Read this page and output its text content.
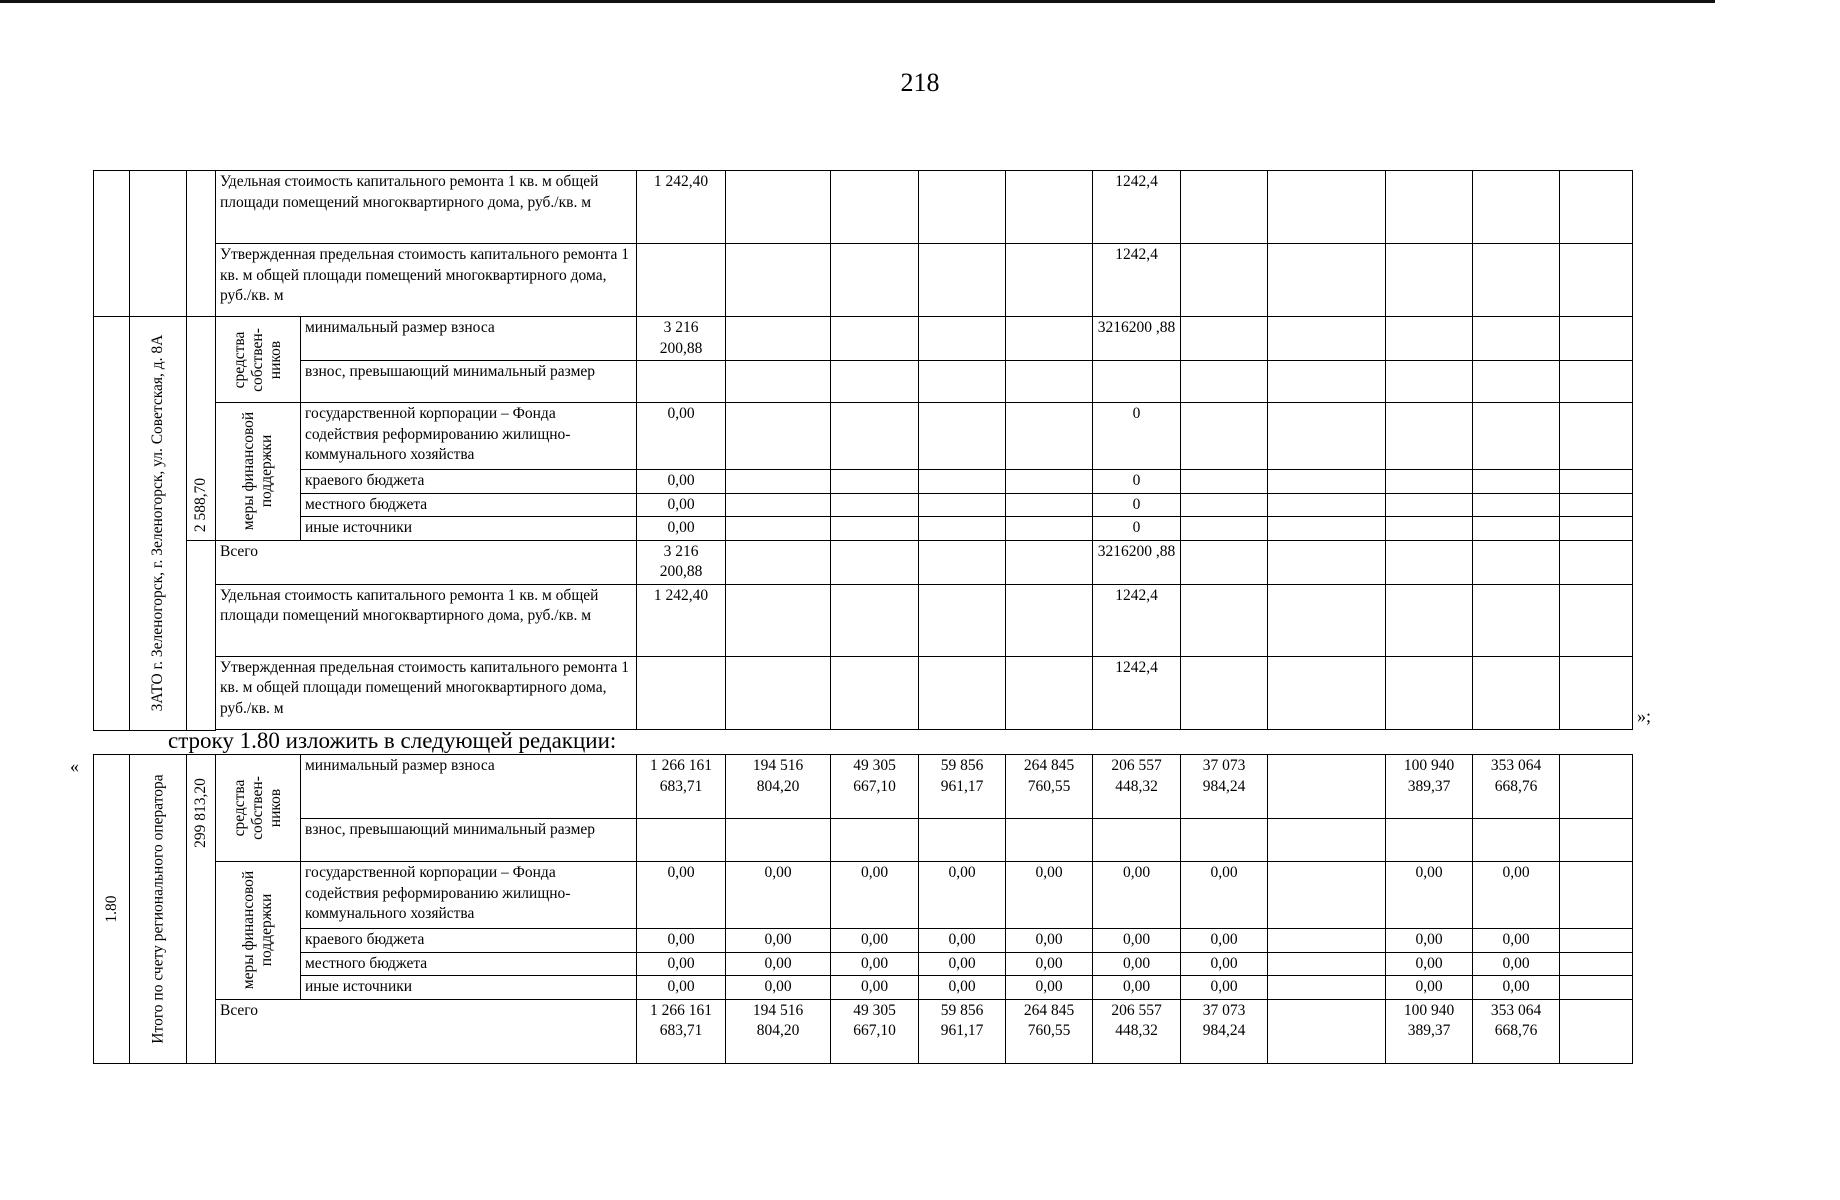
218
			Удельная стоимость капитального ремонта 1 кв. м общей площади помещений многоквартирного дома, руб./кв. м		1 242,40					1242,4					
			Утвержденная предельная стоимость капитального ремонта 1 кв. м общей площади помещений многоквартирного дома, руб./кв. м							1242,4					

	ЗАТО г. Зеленогорск, г. Зеленогорск, ул. Советская, д. 8А		средства собствен-ников	минимальный размер взноса	3 216 200,88					3216200 ,88					
				взнос, превышающий минимальный размер											

			меры финансовой поддержки	государственной корпорации – Фонда содействия реформированию жилищно-коммунального хозяйства	0,00					0					
				краевого бюджета	0,00					0					
				местного бюджета	0,00					0					
				иные источники	0,00					0					

		2 588,70	Всего		3 216 200,88					3216200 ,88					
			Удельная стоимость капитального ремонта 1 кв. м общей площади помещений многоквартирного дома, руб./кв. м		1 242,40					1242,4					
			Утвержденная предельная стоимость капитального ремонта 1 кв. м общей площади помещений многоквартирного дома, руб./кв. м							1242,4					

строку 1.80 изложить в следующей редакции:
»;
«
1.80	Итого по счету регионального оператора	299 813,20	средства собствен-ников	минимальный размер взноса	1 266 161 683,71	194 516 804,20	49 305 667,10	59 856 961,17	264 845 760,55	206 557 448,32	37 073 984,24		100 940 389,37	353 064 668,76	
				взнос, превышающий минимальный размер											

			меры финансовой поддержки	государственной корпорации – Фонда содействия реформированию жилищно-коммунального хозяйства	0,00	0,00	0,00	0,00	0,00	0,00	0,00		0,00	0,00	
				краевого бюджета	0,00	0,00	0,00	0,00	0,00	0,00	0,00		0,00	0,00	
				местного бюджета	0,00	0,00	0,00	0,00	0,00	0,00	0,00		0,00	0,00	
				иные источники	0,00	0,00	0,00	0,00	0,00	0,00	0,00		0,00	0,00	
			Всего		1 266 161 683,71	194 516 804,20	49 305 667,10	59 856 961,17	264 845 760,55	206 557 448,32	37 073 984,24		100 940 389,37	353 064 668,76	
